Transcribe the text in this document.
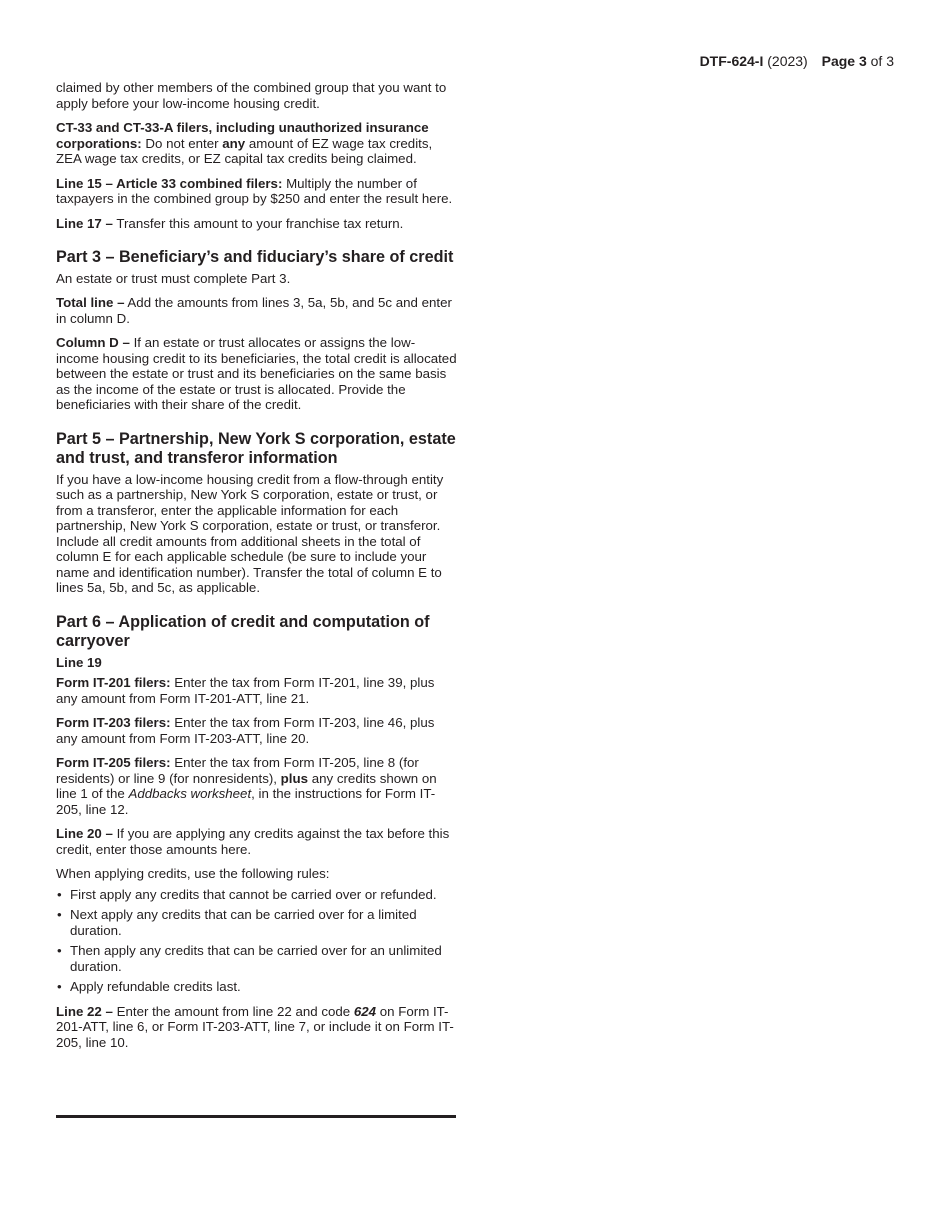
DTF-624-I (2023) Page 3 of 3

claimed by other members of the combined group that you want to apply before your low-income housing credit.

CT-33 and CT-33-A filers, including unauthorized insurance corporations: Do not enter any amount of EZ wage tax credits, ZEA wage tax credits, or EZ capital tax credits being claimed.

Line 15 – Article 33 combined filers: Multiply the number of taxpayers in the combined group by $250 and enter the result here.

Line 17 – Transfer this amount to your franchise tax return.

Part 3 – Beneficiary’s and fiduciary’s share of credit

An estate or trust must complete Part 3.

Total line – Add the amounts from lines 3, 5a, 5b, and 5c and enter in column D.

Column D – If an estate or trust allocates or assigns the low-income housing credit to its beneficiaries, the total credit is allocated between the estate or trust and its beneficiaries on the same basis as the income of the estate or trust is allocated. Provide the beneficiaries with their share of the credit.

Part 5 – Partnership, New York S corporation, estate and trust, and transferor information

If you have a low-income housing credit from a flow-through entity such as a partnership, New York S corporation, estate or trust, or from a transferor, enter the applicable information for each partnership, New York S corporation, estate or trust, or transferor. Include all credit amounts from additional sheets in the total of column E for each applicable schedule (be sure to include your name and identification number). Transfer the total of column E to lines 5a, 5b, and 5c, as applicable.

Part 6 – Application of credit and computation of carryover

Line 19

Form IT-201 filers: Enter the tax from Form IT-201, line 39, plus any amount from Form IT-201-ATT, line 21.

Form IT-203 filers: Enter the tax from Form IT-203, line 46, plus any amount from Form IT-203-ATT, line 20.

Form IT-205 filers: Enter the tax from Form IT-205, line 8 (for residents) or line 9 (for nonresidents), plus any credits shown on line 1 of the Addbacks worksheet, in the instructions for Form IT-205, line 12.

Line 20 – If you are applying any credits against the tax before this credit, enter those amounts here.

When applying credits, use the following rules:

• First apply any credits that cannot be carried over or refunded.
• Next apply any credits that can be carried over for a limited duration.
• Then apply any credits that can be carried over for an unlimited duration.
• Apply refundable credits last.

Line 22 – Enter the amount from line 22 and code 624 on Form IT-201-ATT, line 6, or Form IT-203-ATT, line 7, or include it on Form IT-205, line 10.
